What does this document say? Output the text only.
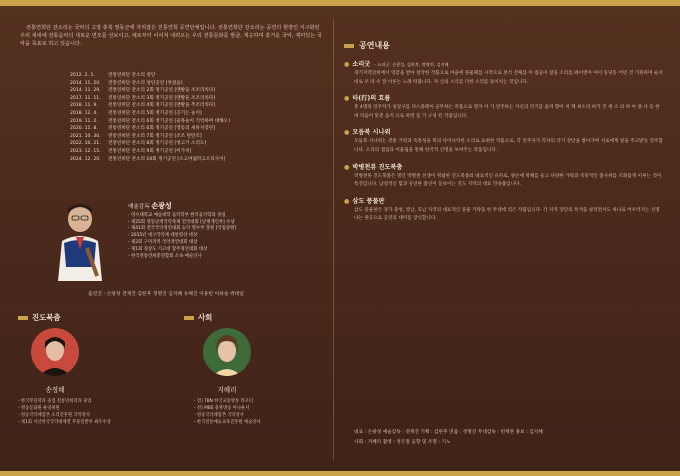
전통연희단 잔소리는 국악의 고장 충북 영동군에 자리잡은 전통연희 공연단체입니다. 전통연희단 잔소리는 공연의 현장인 서구화된 우리 세대에 전통음악의 새로운 면모를 선보이고, 예로부터 이어져 내려오는 우리 전통문화를 발굴, 계승하며 흥거운 국악, 재미있는 국악을 목표로 하고 있습니다.

2012. 2. 1.	전통연희단 잔소리 창단
2014. 11. 20.	전통연희단 잔소리 창단공연 [첫걸음]
2014. 11. 29.	전통연희단 잔소리 2회 정기공연 [맨발을 조조리치다]
2017. 11. 11.	전통연희단 잔소리 3회 정기공연 [맨발을 조조리치다]
2018. 11. 9.	전통연희단 잔소리 4회 정기공연 [맨발을 추조리치다]
2018. 12. 4.	전통연희단 잔소리 5회 정기공연 [공기는 놀이]
2019. 11. 2.	전통연희단 잔소리 6회 정기공연 [골목놀이 기억하며 대해오]
2020. 11. 8.	전통연희단 잔소리 6회 정기공연 [영동의 새바지장단]
2021. 10. 30.	전통연희단 잔소리 7회 정기공연 [조조 탄탄조]
2022. 10. 21.	전통연희단 잔소리 8회 정기공연 [청고기 소리도]
2023. 12. 15.	전통연희단 잔소리 9회 정기공연 [미가치]
2024. 12. 20.	전통연희단 잔소리 10회 정기공연 [소고여덟박고소리사이]
예술감독 손광성
- 영수대학교 예술대학 음악학부 한국음악학과 졸업
- 제25회 영동난계국악축제 전국대회 [난계개인부] 수상
- 제41회 전국국악경연대회 농악 명수부 장원 [국립창원]
- 2015년 대구국악제 대통령상 대상
- 제2회 구미지역 국악경연대회 대상
- 제1회 경상도 기고대 합주경연대회 대상
- 한국전통연희총연합회 소속 예술인사
출연진 : 손광성 전재진 김한후 정명진 김지혜 유혜진 이홍빈 이하솔 박대일
진도북춤	사회
송정혜
- 한국무용학과 졸업 전통연희학과 졸업
- 영동문화원 운영위원
- 영동국악체험촌 소리진흥원 국악강사
- 제1회 서산한국국악대제전 무용일반부 최우수상
지혜리
- 전) TBN 한국교통방송 리포터
- 전) MBS 충북방송 아나운서
- 영동국악체험촌 국악강사
- 한국전통예술교육진흥원 예술강사
공연내용
● 소리굿 - 소리굿: 손광성, 김한후, 정명진, 김지혜
경기지역연희에서 영감을 받아 창작한 작품으로 마을에 풍물패를 시작으로 천석 전체를 이 집들이 잡을 소리를 봐이앤아 아이 동당동 어린 것 기원하며 순서대로 우 타 수 잘 이루는 노래 떠봅니다. 자 신의 소리를 더한 소리를 돌이치는 것입니다.
● 타(打)의 흐름
총 4명의 연주자가 설장구를 다스플레이 군무하는 작품으로 열자 이 가 연주하는 자신의 악기를 울려 향이 치 제 쇳소리 바가 진 세 소 의 하 아 종 사 등 한 데 리듬이 맞춘 움직 으로 하면 를 기 구성 된 작품입니다.
● 모듬북 시나위
모듬북 시나위는 전통 가락과 즉흥성을 북의 다이나믹한 소리로 표현한 작품으로, 각 연주자가 각자의 악기 장단을 쌓아가며 서로에게 말을 주고받듯 연주합니다. 소리의 겹침과 어울림을 통해 한국적 신명을 보여주는 작품입니다.
● 박병천류 진도북춤
박병천류 진도북춤은 명인 박병천 선생이 정립한 진도북춤의 대표적인 유파로, 양손에 북채를 들고 다양한 가락과 즉흥적인 춤사위를 조화롭게 이루는 것이 특징입니다. 남성적인 힘과 유연한 춤선이 돋보이는 진도 지역의 대표 민속춤입니다.
● 삼도 풍물판
삼도 풍물판은 경기·충청, 영남, 호남 지역의 대표적인 풍물 가락을 한 무대에 엮은 작품입니다. 각 지역 장단의 특색을 살리면서도 하나로 어우러지는 신명 나는 판굿으로 공연의 대미를 장식합니다.
대표 : 손광성 예술감독 : 전재진 기획 : 김한후 연출 : 정명진 무대감독 : 빈재란 홍보 : 김지혜
사회 : 지혜리 촬영 : 정은철 음향 및 조명 : 기노
